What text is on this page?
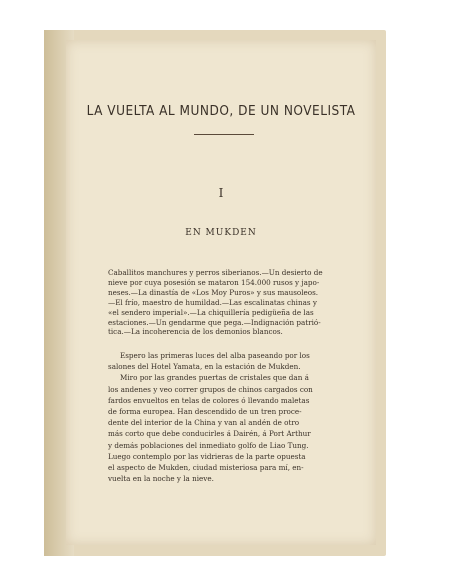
LA VUELTA AL MUNDO, DE UN NOVELISTA
I
EN MUKDEN
Caballitos manchures y perros siberianos.—Un desierto de
nieve por cuya posesión se mataron 154.000 rusos y japo-
neses.—La dinastía de «Los Moy Puros» y sus mausoleos.
—El frío, maestro de humildad.—Las escalinatas chinas y
«el sendero imperial».—La chiquillería pedigüeña de las
estaciones.—Un gendarme que pega.—Indignación patrió-
tica.—La incoherencia de los demonios blancos.
Espero las primeras luces del alba paseando por los
salones del Hotel Yamata, en la estación de Mukden.
Miro por las grandes puertas de cristales que dan á
los andenes y veo correr grupos de chinos cargados con
fardos envueltos en telas de colores ó llevando maletas
de forma europea. Han descendido de un tren proce-
dente del interior de la China y van al andén de otro
más corto que debe conducirles á Dairén, á Port Arthur
y demás poblaciones del inmediato golfo de Liao Tung.
Luego contemplo por las vidrieras de la parte opuesta
el aspecto de Mukden, ciudad misteriosa para mí, en-
vuelta en la noche y la nieve.
